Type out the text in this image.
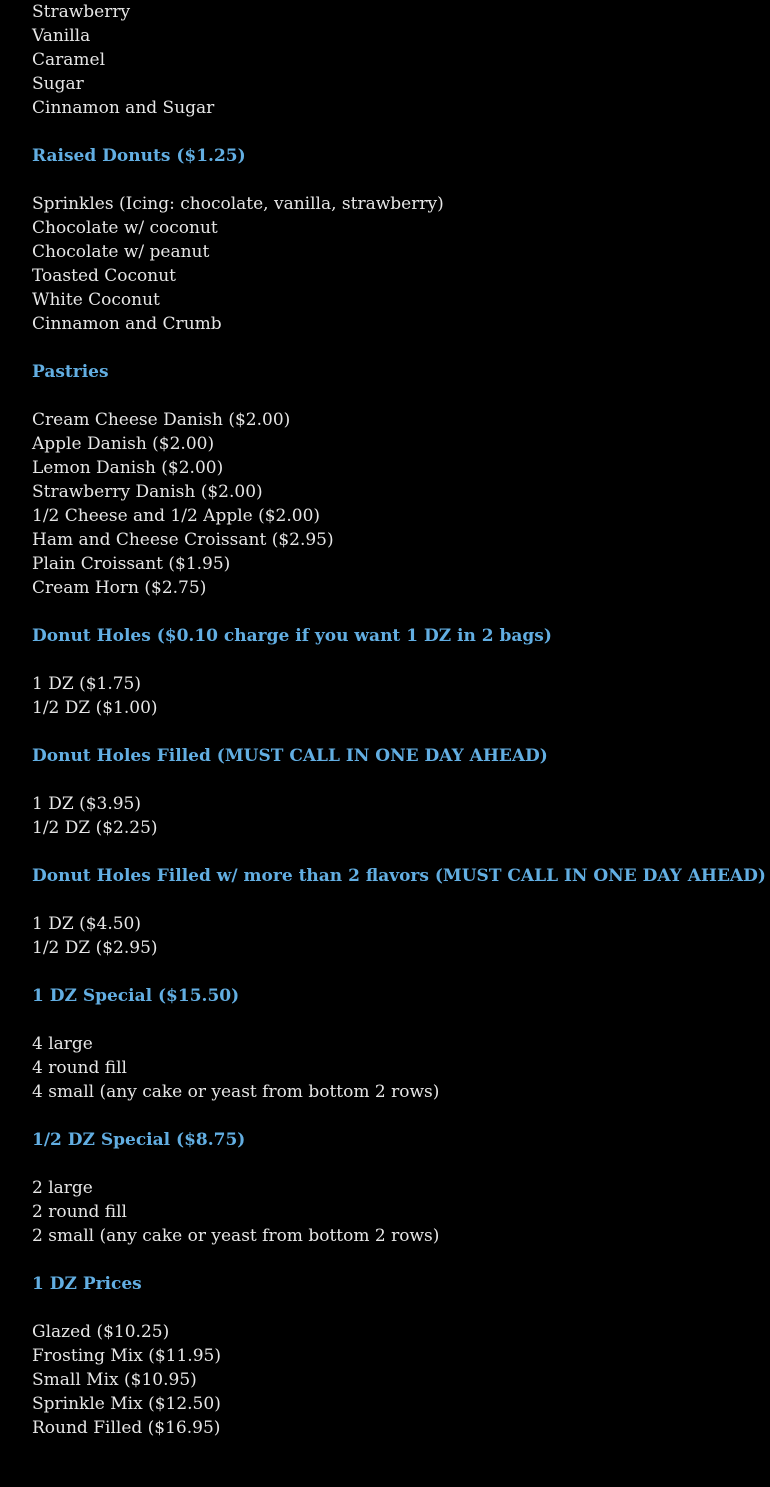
Strawberry
Vanilla
Caramel
Sugar
Cinnamon and Sugar
Raised Donuts ($1.25)
Sprinkles (Icing: chocolate, vanilla, strawberry)
Chocolate w/ coconut
Chocolate w/ peanut
Toasted Coconut
White Coconut
Cinnamon and Crumb
Pastries
Cream Cheese Danish ($2.00)
Apple Danish ($2.00)
Lemon Danish ($2.00)
Strawberry Danish ($2.00)
1/2 Cheese and 1/2 Apple ($2.00)
Ham and Cheese Croissant ($2.95)
Plain Croissant ($1.95)
Cream Horn ($2.75)
Donut Holes ($0.10 charge if you want 1 DZ in 2 bags)
1 DZ ($1.75)
1/2 DZ ($1.00)
Donut Holes Filled (MUST CALL IN ONE DAY AHEAD)
1 DZ ($3.95)
1/2 DZ ($2.25)
Donut Holes Filled w/ more than 2 flavors (MUST CALL IN ONE DAY AHEAD)
1 DZ ($4.50)
1/2 DZ ($2.95)
1 DZ Special ($15.50)
4 large
4 round fill
4 small (any cake or yeast from bottom 2 rows)
1/2 DZ Special ($8.75)
2 large
2 round fill
2 small (any cake or yeast from bottom 2 rows)
1 DZ Prices
Glazed ($10.25)
Frosting Mix ($11.95)
Small Mix ($10.95)
Sprinkle Mix ($12.50)
Round Filled ($16.95)
